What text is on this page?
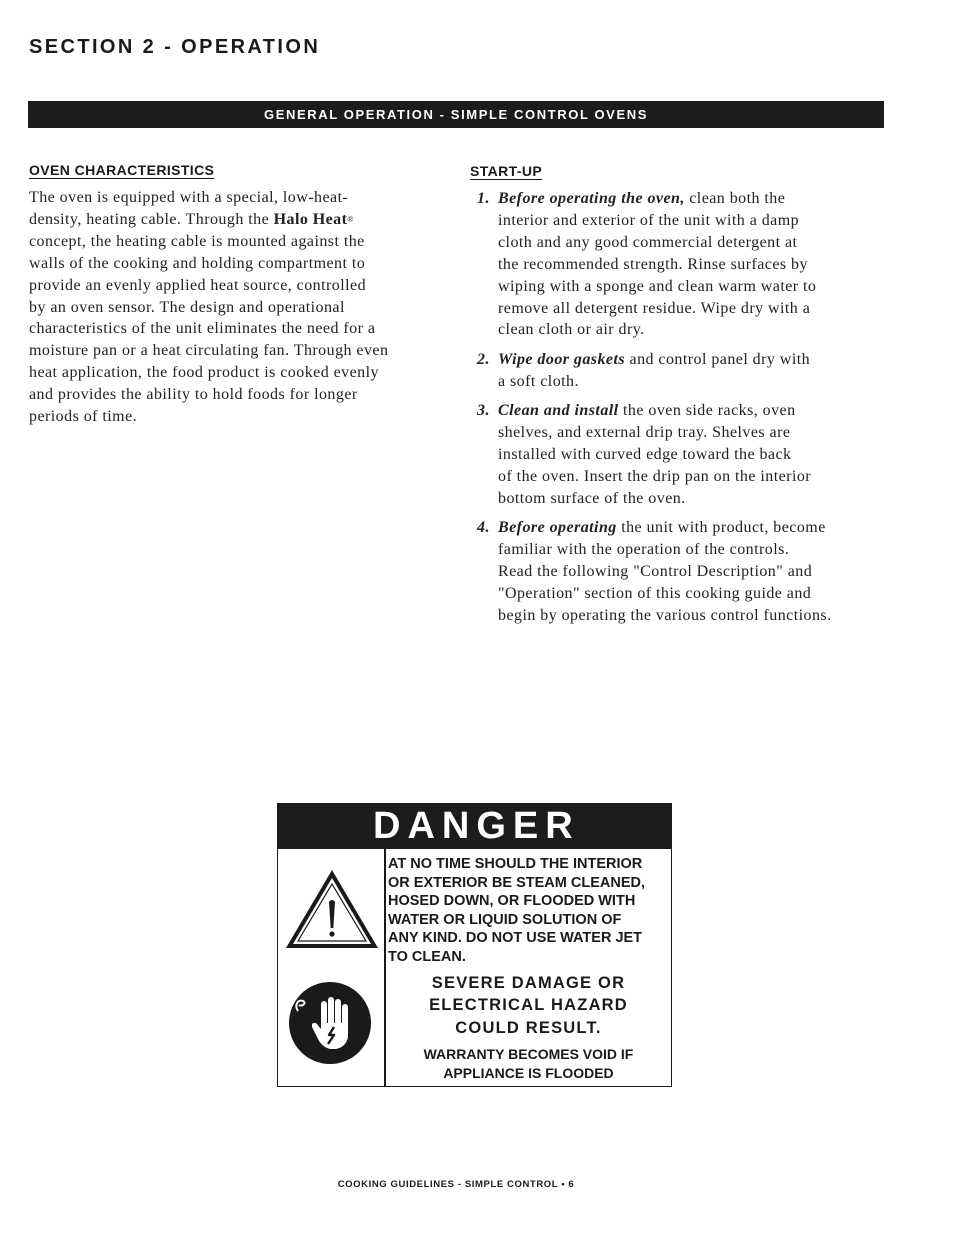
SECTION 2 - OPERATION
GENERAL OPERATION - SIMPLE CONTROL OVENS
OVEN CHARACTERISTICS
The oven is equipped with a special, low-heat-
density, heating cable. Through the Halo Heat®
concept, the heating cable is mounted against the
walls of the cooking and holding compartment to
provide an evenly applied heat source, controlled
by an oven sensor. The design and operational
characteristics of the unit eliminates the need for a
moisture pan or a heat circulating fan. Through even
heat application, the food product is cooked evenly
and provides the ability to hold foods for longer
periods of time.
START-UP
1. Before operating the oven, clean both the
interior and exterior of the unit with a damp
cloth and any good commercial detergent at
the recommended strength. Rinse surfaces by
wiping with a sponge and clean warm water to
remove all detergent residue. Wipe dry with a
clean cloth or air dry.
2. Wipe door gaskets and control panel dry with
a soft cloth.
3. Clean and install the oven side racks, oven
shelves, and external drip tray. Shelves are
installed with curved edge toward the back
of the oven. Insert the drip pan on the interior
bottom surface of the oven.
4. Before operating the unit with product, become
familiar with the operation of the controls.
Read the following "Control Description" and
"Operation" section of this cooking guide and
begin by operating the various control functions.
DANGER
AT NO TIME SHOULD THE INTERIOR
OR EXTERIOR BE STEAM CLEANED,
HOSED DOWN, OR FLOODED WITH
WATER OR LIQUID SOLUTION OF
ANY KIND. DO NOT USE WATER JET
TO CLEAN.
SEVERE DAMAGE OR
ELECTRICAL HAZARD
COULD RESULT.
WARRANTY BECOMES VOID IF
APPLIANCE IS FLOODED
COOKING GUIDELINES - SIMPLE CONTROL • 6
